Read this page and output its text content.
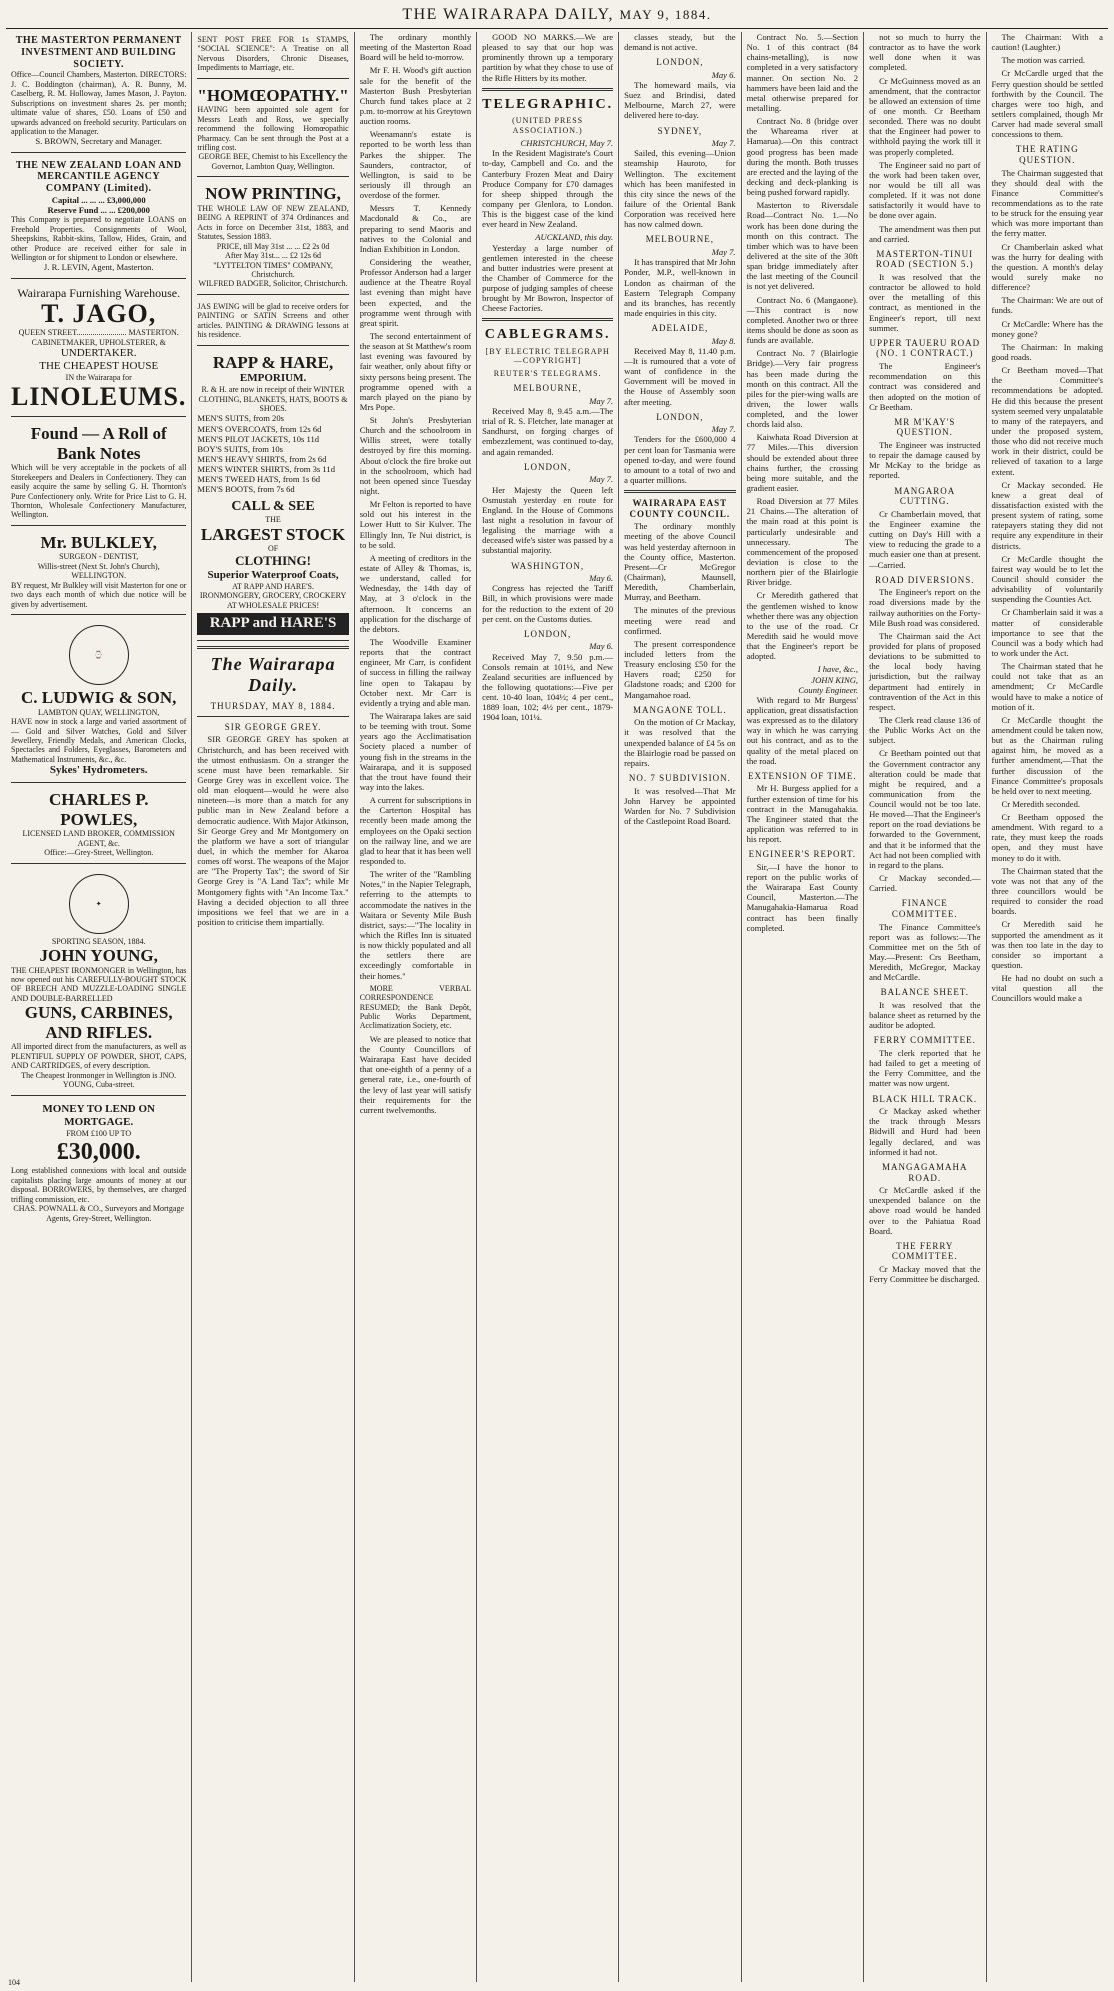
THE WAIRARAPA DAILY, MAY 9, 1884.
THE MASTERTON PERMANENT INVESTMENT AND BUILDING SOCIETY.
Office—Council Chambers, Masterton. DIRECTORS: J. C. Boddington (chairman), A. R. Bunny, M. Caselberg, R. M. Holloway, James Mason, J. Payton. Subscriptions on investment shares 2s. per month; ultimate value of shares, £50. Loans of £50 and upwards advanced on freehold security. Particulars on application to the Manager.
S. BROWN, Secretary and Manager.
THE NEW ZEALAND LOAN AND MERCANTILE AGENCY COMPANY (Limited).
Capital ... ... ... £3,000,000
Reserve Fund ... ... £200,000
This Company is prepared to negotiate LOANS on Freehold Properties. Consignments of Wool, Sheepskins, Rabbit-skins, Tallow, Hides, Grain, and other Produce are received either for sale in Wellington or for shipment to London or elsewhere.
J. R. LEVIN, Agent, Masterton.
Wairarapa Furnishing Warehouse.
T. JAGO,
QUEEN STREET......................... MASTERTON.
CABINETMAKER, UPHOLSTERER, &
UNDERTAKER.
THE CHEAPEST HOUSE
IN the Wairarapa for
LINOLEUMS.
Found — A Roll of Bank Notes
Which will be very acceptable in the pockets of all Storekeepers and Dealers in Confectionery. They can easily acquire the same by selling G. H. Thornton's Pure Confectionery only. Write for Price List to G. H. Thornton, Wholesale Confectionery Manufacturer, Wellington.
Mr. BULKLEY,
SURGEON - DENTIST,
Willis-street (Next St. John's Church), WELLINGTON.
BY request, Mr Bulkley will visit Masterton for one or two days each month of which due notice will be given by advertisement.
⌚
C. LUDWIG & SON,
LAMBTON QUAY, WELLINGTON,
HAVE now in stock a large and varied assortment of— Gold and Silver Watches, Gold and Silver Jewellery, Friendly Medals, and American Clocks, Spectacles and Folders, Eyeglasses, Barometers and Mathematical Instruments, &c., &c.
Sykes' Hydrometers.
CHARLES P. POWLES,
LICENSED LAND BROKER, COMMISSION AGENT, &c.
Office:—Grey-Street, Wellington.
✦
SPORTING SEASON, 1884.
JOHN YOUNG,
THE CHEAPEST IRONMONGER in Wellington, has now opened out his CAREFULLY-BOUGHT STOCK OF BREECH AND MUZZLE-LOADING SINGLE AND DOUBLE-BARRELLED
GUNS, CARBINES, AND RIFLES.
All imported direct from the manufacturers, as well as PLENTIFUL SUPPLY OF POWDER, SHOT, CAPS, AND CARTRIDGES, of every description.
The Cheapest Ironmonger in Wellington is JNO. YOUNG, Cuba-street.
MONEY TO LEND ON MORTGAGE.
FROM £100 UP TO
£30,000.
Long established connexions with local and outside capitalists placing large amounts of money at our disposal. BORROWERS, by themselves, are charged trifling commission, etc.
CHAS. POWNALL & CO., Surveyors and Mortgage Agents, Grey-Street, Wellington.
SENT POST FREE FOR 1s STAMPS, "SOCIAL SCIENCE": A Treatise on all Nervous Disorders, Chronic Diseases, Impediments to Marriage, etc.
"HOMŒOPATHY."
HAVING been appointed sole agent for Messrs Leath and Ross, we specially recommend the following Homœopathic Pharmacy. Can be sent through the Post at a trifling cost.
GEORGE BEE, Chemist to his Excellency the Governor, Lambton Quay, Wellington.
NOW PRINTING,
THE WHOLE LAW OF NEW ZEALAND, BEING A REPRINT of 374 Ordinances and Acts in force on December 31st, 1883, and Statutes, Session 1883.
PRICE, till May 31st ... ... £2 2s 0d
After May 31st... ... £2 12s 6d
"LYTTELTON TIMES" COMPANY, Christchurch.
WILFRED BADGER, Solicitor, Christchurch.
JAS EWING will be glad to receive orders for PAINTING or SATIN Screens and other articles. PAINTING & DRAWING lessons at his residence.
RAPP & HARE,
EMPORIUM.
R. & H. are now in receipt of their WINTER CLOTHING, BLANKETS, HATS, BOOTS & SHOES.
MEN'S SUITS, from 20s
MEN'S OVERCOATS, from 12s 6d
MEN'S PILOT JACKETS, 10s 11d
BOY'S SUITS, from 10s
MEN'S HEAVY SHIRTS, from 2s 6d
MEN'S WINTER SHIRTS, from 3s 11d
MEN'S TWEED HATS, from 1s 6d
MEN'S BOOTS, from 7s 6d
CALL & SEE
THE
LARGEST STOCK
OF
CLOTHING!
Superior Waterproof Coats,
AT RAPP AND HARE'S.
IRONMONGERY, GROCERY, CROCKERY AT WHOLESALE PRICES!
RAPP and HARE'S
The Wairarapa Daily.
THURSDAY, MAY 8, 1884.
SIR GEORGE GREY.
SIR GEORGE GREY has spoken at Christchurch, and has been received with the utmost enthusiasm. On a stranger the scene must have been remarkable. Sir George Grey was in excellent voice. The old man eloquent—would he were also nineteen—is more than a match for any public man in New Zealand before a democratic audience. With Major Atkinson, Sir George Grey and Mr Montgomery on the platform we have a sort of triangular duel, in which the member for Akaroa comes off worst. The weapons of the Major are "The Property Tax"; the sword of Sir George Grey is "A Land Tax"; while Mr Montgomery fights with "An Income Tax." Having a decided objection to all three impositions we feel that we are in a position to criticise them impartially.
The ordinary monthly meeting of the Masterton Road Board will be held to-morrow.
Mr F. H. Wood's gift auction sale for the benefit of the Masterton Bush Presbyterian Church fund takes place at 2 p.m. to-morrow at his Greytown auction rooms.
Weenamann's estate is reported to be worth less than Parkes the shipper. The Saunders, contractor, of Wellington, is said to be seriously ill through an overdose of the former.
Messrs T. Kennedy Macdonald & Co., are preparing to send Maoris and natives to the Colonial and Indian Exhibition in London.
Considering the weather, Professor Anderson had a larger audience at the Theatre Royal last evening than might have been expected, and the programme went through with great spirit.
The second entertainment of the season at St Matthew's room last evening was favoured by fair weather, only about fifty or sixty persons being present. The programme opened with a march played on the piano by Mrs Pope.
St John's Presbyterian Church and the schoolroom in Willis street, were totally destroyed by fire this morning. About o'clock the fire broke out in the schoolroom, which had not been opened since Tuesday night.
Mr Felton is reported to have sold out his interest in the Lower Hutt to Sir Kulver. The Ellingly Inn, Te Nui district, is to be sold.
A meeting of creditors in the estate of Alley & Thomas, is, we understand, called for Wednesday, the 14th day of May, at 3 o'clock in the afternoon. It concerns an application for the discharge of the debtors.
The Woodville Examiner reports that the contract engineer, Mr Carr, is confident of success in filling the railway line open to Takapau by October next. Mr Carr is evidently a trying and able man.
The Wairarapa lakes are said to be teeming with trout. Some years ago the Acclimatisation Society placed a number of young fish in the streams in the Wairarapa, and it is supposed that the trout have found their way into the lakes.
A current for subscriptions in the Carterton Hospital has recently been made among the employees on the Opaki section on the railway line, and we are glad to hear that it has been well responded to.
The writer of the "Rambling Notes," in the Napier Telegraph, referring to the attempts to accommodate the natives in the Waitara or Seventy Mile Bush district, says:—"The locality in which the Rifles Inn is situated is now thickly populated and all the settlers there are exceedingly comfortable in their homes."
MORE VERBAL CORRESPONDENCE RESUMED; the Bank Depôt, Public Works Department, Acclimatization Society, etc.
We are pleased to notice that the County Councillors of Wairarapa East have decided that one-eighth of a penny of a general rate, i.e., one-fourth of the levy of last year will satisfy their requirements for the current twelvemonths.
GOOD NO MARKS.—We are pleased to say that our hop was prominently thrown up a temporary partition by what they chose to use of the Rifle Hitters by its mother.
TELEGRAPHIC.
(UNITED PRESS ASSOCIATION.)
CHRISTCHURCH, May 7.
In the Resident Magistrate's Court to-day, Campbell and Co. and the Canterbury Frozen Meat and Dairy Produce Company for £70 damages for sheep shipped through the company per Glenlora, to London. This is the biggest case of the kind ever heard in New Zealand.
AUCKLAND, this day.
Yesterday a large number of gentlemen interested in the cheese and butter industries were present at the Chamber of Commerce for the purpose of judging samples of cheese brought by Mr Bowron, Inspector of Cheese Factories.
CABLEGRAMS.
[BY ELECTRIC TELEGRAPH—COPYRIGHT]
REUTER'S TELEGRAMS.
MELBOURNE,
May 7.
Received May 8, 9.45 a.m.—The trial of R. S. Fletcher, late manager at Sandhurst, on forging charges of embezzlement, was continued to-day, and again remanded.
LONDON,
May 7.
Her Majesty the Queen left Osmustah yesterday en route for England. In the House of Commons last night a resolution in favour of legalising the marriage with a deceased wife's sister was passed by a substantial majority.
WASHINGTON,
May 6.
Congress has rejected the Tariff Bill, in which provisions were made for the reduction to the extent of 20 per cent. on the Customs duties.
LONDON,
May 6.
Received May 7, 9.50 p.m.—Consols remain at 101½, and New Zealand securities are influenced by the following quotations:—Five per cent. 10-40 loan, 104½; 4 per cent., 1889 loan, 102; 4½ per cent., 1879-1904 loan, 101¼.
classes steady, but the demand is not active.
LONDON,
May 6.
The homeward mails, via Suez and Brindisi, dated Melbourne, March 27, were delivered here to-day.
SYDNEY,
May 7.
Sailed, this evening—Union steamship Hauroto, for Wellington. The excitement which has been manifested in this city since the news of the failure of the Oriental Bank Corporation was received here has now calmed down.
MELBOURNE,
May 7.
It has transpired that Mr John Ponder, M.P., well-known in London as chairman of the Eastern Telegraph Company and its branches, has recently made enquiries in this city.
ADELAIDE,
May 8.
Received May 8, 11.40 p.m.—It is rumoured that a vote of want of confidence in the Government will be moved in the House of Assembly soon after meeting.
LONDON,
May 7.
Tenders for the £600,000 4 per cent loan for Tasmania were opened to-day, and were found to amount to a total of two and a quarter millions.
WAIRARAPA EAST COUNTY COUNCIL.
The ordinary monthly meeting of the above Council was held yesterday afternoon in the County office, Masterton. Present—Cr McGregor (Chairman), Maunsell, Meredith, Chamberlain, Murray, and Beetham.
The minutes of the previous meeting were read and confirmed.
The present correspondence included letters from the Treasury enclosing £50 for the Havers road; £250 for Gladstone roads; and £200 for Mangamahoe road.
MANGAONE TOLL.
On the motion of Cr Mackay, it was resolved that the unexpended balance of £4 5s on the Blairlogie road be passed on repairs.
NO. 7 SUBDIVISION.
It was resolved—That Mr John Harvey be appointed Warden for No. 7 Subdivision of the Castlepoint Road Board.
Contract No. 5.—Section No. 1 of this contract (84 chains-metalling), is now completed in a very satisfactory manner. On section No. 2 hammers have been laid and the metal otherwise prepared for metalling.
Contract No. 8 (bridge over the Whareama river at Hamarua).—On this contract good progress has been made during the month. Both trusses are erected and the laying of the decking and deck-planking is being pushed forward rapidly.
Masterton to Riversdale Road—Contract No. 1.—No work has been done during the month on this contract. The timber which was to have been delivered at the site of the 30ft span bridge immediately after the last meeting of the Council is not yet delivered.
Contract No. 6 (Mangaone).—This contract is now completed. Another two or three items should be done as soon as funds are available.
Contract No. 7 (Blairlogie Bridge).—Very fair progress has been made during the month on this contract. All the piles for the pier-wing walls are driven, the lower walls completed, and the lower chords laid also.
Kaiwhata Road Diversion at 77 Miles.—This diversion should be extended about three chains further, the crossing being more suitable, and the gradient easier.
Road Diversion at 77 Miles 21 Chains.—The alteration of the main road at this point is particularly undesirable and unnecessary. The commencement of the proposed deviation is close to the northern pier of the Blairlogie River bridge.
Cr Meredith gathered that the gentlemen wished to know whether there was any objection to the use of the road. Cr Meredith said he would move that the Engineer's report be adopted.
I have, &c.,
JOHN KING,
County Engineer.
With regard to Mr Burgess' application, great dissatisfaction was expressed as to the dilatory way in which he was carrying out his contract, and as to the quality of the metal placed on the road.
EXTENSION OF TIME.
Mr H. Burgess applied for a further extension of time for his contract in the Manugahakia. The Engineer stated that the application was referred to in his report.
ENGINEER'S REPORT.
Sir,—I have the honor to report on the public works of the Wairarapa East County Council, Masterton.—The Manugahakia-Hamarua Road contract has been finally completed.
not so much to hurry the contractor as to have the work well done when it was completed.
Cr McGuinness moved as an amendment, that the contractor be allowed an extension of time of one month. Cr Beetham seconded. There was no doubt that the Engineer had power to withhold paying the work till it was properly completed.
The Engineer said no part of the work had been taken over, nor would be till all was completed. If it was not done satisfactorily it would have to be done over again.
The amendment was then put and carried.
MASTERTON-TINUI ROAD (SECTION 5.)
It was resolved that the contractor be allowed to hold over the metalling of this contract, as mentioned in the Engineer's report, till next summer.
UPPER TAUERU ROAD (NO. 1 CONTRACT.)
The Engineer's recommendation on this contract was considered and then adopted on the motion of Cr Beetham.
MR M'KAY'S QUESTION.
The Engineer was instructed to repair the damage caused by Mr McKay to the bridge as reported.
MANGAROA CUTTING.
Cr Chamberlain moved, that the Engineer examine the cutting on Day's Hill with a view to reducing the grade to a much easier one than at present.—Carried.
ROAD DIVERSIONS.
The Engineer's report on the road diversions made by the railway authorities on the Forty-Mile Bush road was considered.
The Chairman said the Act provided for plans of proposed deviations to be submitted to the local body having jurisdiction, but the railway department had entirely in contravention of the Act in this respect.
The Clerk read clause 136 of the Public Works Act on the subject.
Cr Beetham pointed out that the Government contractor any alteration could be made that might be required, and a communication from the Council would not be too late. He moved—That the Engineer's report on the road deviations be forwarded to the Government, and that it be informed that the Act had not been complied with in regard to the plans.
Cr Mackay seconded.—Carried.
FINANCE COMMITTEE.
The Finance Committee's report was as follows:—The Committee met on the 5th of May.—Present: Crs Beetham, Meredith, McGregor, Mackay and McCardle.
BALANCE SHEET.
It was resolved that the balance sheet as returned by the auditor be adopted.
FERRY COMMITTEE.
The clerk reported that he had failed to get a meeting of the Ferry Committee, and the matter was now urgent.
BLACK HILL TRACK.
Cr Mackay asked whether the track through Messrs Bidwill and Hurd had been legally declared, and was informed it had not.
MANGAGAMAHA ROAD.
Cr McCardle asked if the unexpended balance on the above road would be handed over to the Pahiatua Road Board.
THE FERRY COMMITTEE.
Cr Mackay moved that the Ferry Committee be discharged.
The Chairman: With a caution! (Laughter.)
The motion was carried.
Cr McCardle urged that the Ferry question should be settled forthwith by the Council. The charges were too high, and settlers complained, though Mr Carver had made several small concessions to them.
THE RATING QUESTION.
The Chairman suggested that they should deal with the Finance Committee's recommendations as to the rate to be struck for the ensuing year which was more important than the ferry matter.
Cr Chamberlain asked what was the hurry for dealing with the question. A month's delay would surely make no difference?
The Chairman: We are out of funds.
Cr McCardle: Where has the money gone?
The Chairman: In making good roads.
Cr Beetham moved—That the Committee's recommendations be adopted. He did this because the present system seemed very unpalatable to many of the ratepayers, and under the proposed system, those who did not receive much work in their district, could be relieved of taxation to a large extent.
Cr Mackay seconded. He knew a great deal of dissatisfaction existed with the present system of rating, some ratepayers stating they did not require any expenditure in their districts.
Cr McCardle thought the fairest way would be to let the Council should consider the advisability of voluntarily suspending the Counties Act.
Cr Chamberlain said it was a matter of considerable importance to see that the Council was a body which had to work under the Act.
The Chairman stated that he could not take that as an amendment; Cr McCardle would have to make a notice of motion of it.
Cr McCardle thought the amendment could be taken now, but as the Chairman ruling against him, he moved as a further amendment,—That the further discussion of the Finance Committee's proposals be held over to next meeting.
Cr Meredith seconded.
Cr Beetham opposed the amendment. With regard to a rate, they must keep the roads open, and they must have money to do it with.
The Chairman stated that the vote was not that any of the three councillors would be required to consider the road boards.
Cr Meredith said he supported the amendment as it was then too late in the day to consider so important a question.
He had no doubt on such a vital question all the Councillors would make a
104
